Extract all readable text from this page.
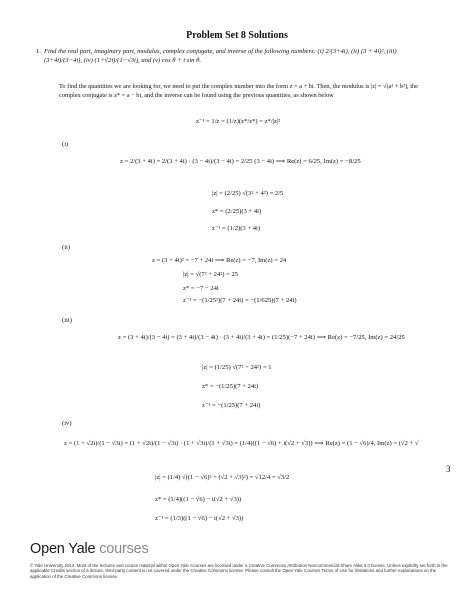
Problem Set 8 Solutions
1. Find the real part, imaginary part, modulus, complex conjugate, and inverse of the following numbers: (i) 2/(3+4i), (ii) (3 + 4i)², (iii) (3+4i)/(3−4i), (iv) (1+√2i)/(1−√3i), and (v) cos θ + i sin θ.
To find the quantities we are looking for, we need to put the complex number into the form z = a + bi. Then, the modulus is |z| = √(a² + b²), the complex conjugate is z* = a − bi, and the inverse can be found using the previous quantities, as shown below
z⁻¹ = 1/z = (1/z)(z*/z*) = z*/|z|²
(i)
z = 2/(3 + 4i) = 2/(3 + 4i) · (3 − 4i)/(3 − 4i) = 2/25 (3 − 4i) ⟹ Re(z) = 6/25, Im(z) = −8/25
|z| = (2/25) √(3² + 4²) = 2/5
z* = (2/25)(3 + 4i)
z⁻¹ = (1/2)(3 + 4i)
(ii)
z = (3 + 4i)² = −7 + 24i ⟹ Re(z) = −7, Im(z) = 24
|z| = √(7² + 24²) = 25
z* = −7 − 24i
z⁻¹ = −(1/25²)(7 + 24i) = −(1/625)(7 + 24i)
(iii)
z = (3 + 4i)/(3 − 4i) = (3 + 4i)/(3 − 4i) · (3 + 4i)/(3 + 4i) = (1/25)(−7 + 24i) ⟹ Re(z) = −7/25, Im(z) = 24/25
|z| = (1/25) √(7² + 24²) = 1
z* = −(1/25)(7 + 24i)
z⁻¹ = −(1/25)(7 + 24i)
(iv)
z = (1 + √2i)/(1 − √3i) = (1 + √2i)/(1 − √3i) · (1 + √3i)/(1 + √3i) = (1/4)((1 − √6) + i(√2 + √3)) ⟹ Re(z) = (1 − √6)/4, Im(z) = (√2 + √
|z| = (1/4) √((1 − √6)² + (√2 + √3)²) = √12/4 = √3/2
z* = (1/4)((1 − √6) − i(√2 + √3))
z⁻¹ = (1/3)((1 − √6) − i(√2 + √3))
3
Open Yale courses
© Yale University 2012. Most of the lectures and course material within Open Yale Courses are licensed under a Creative Commons Attribution-Noncommercial-Share Alike 3.0 license. Unless explicitly set forth in the applicable Credits section of a lecture, third-party content is not covered under the Creative Commons license. Please consult the Open Yale Courses Terms of Use for limitations and further explanations on the application of the Creative Commons license.
